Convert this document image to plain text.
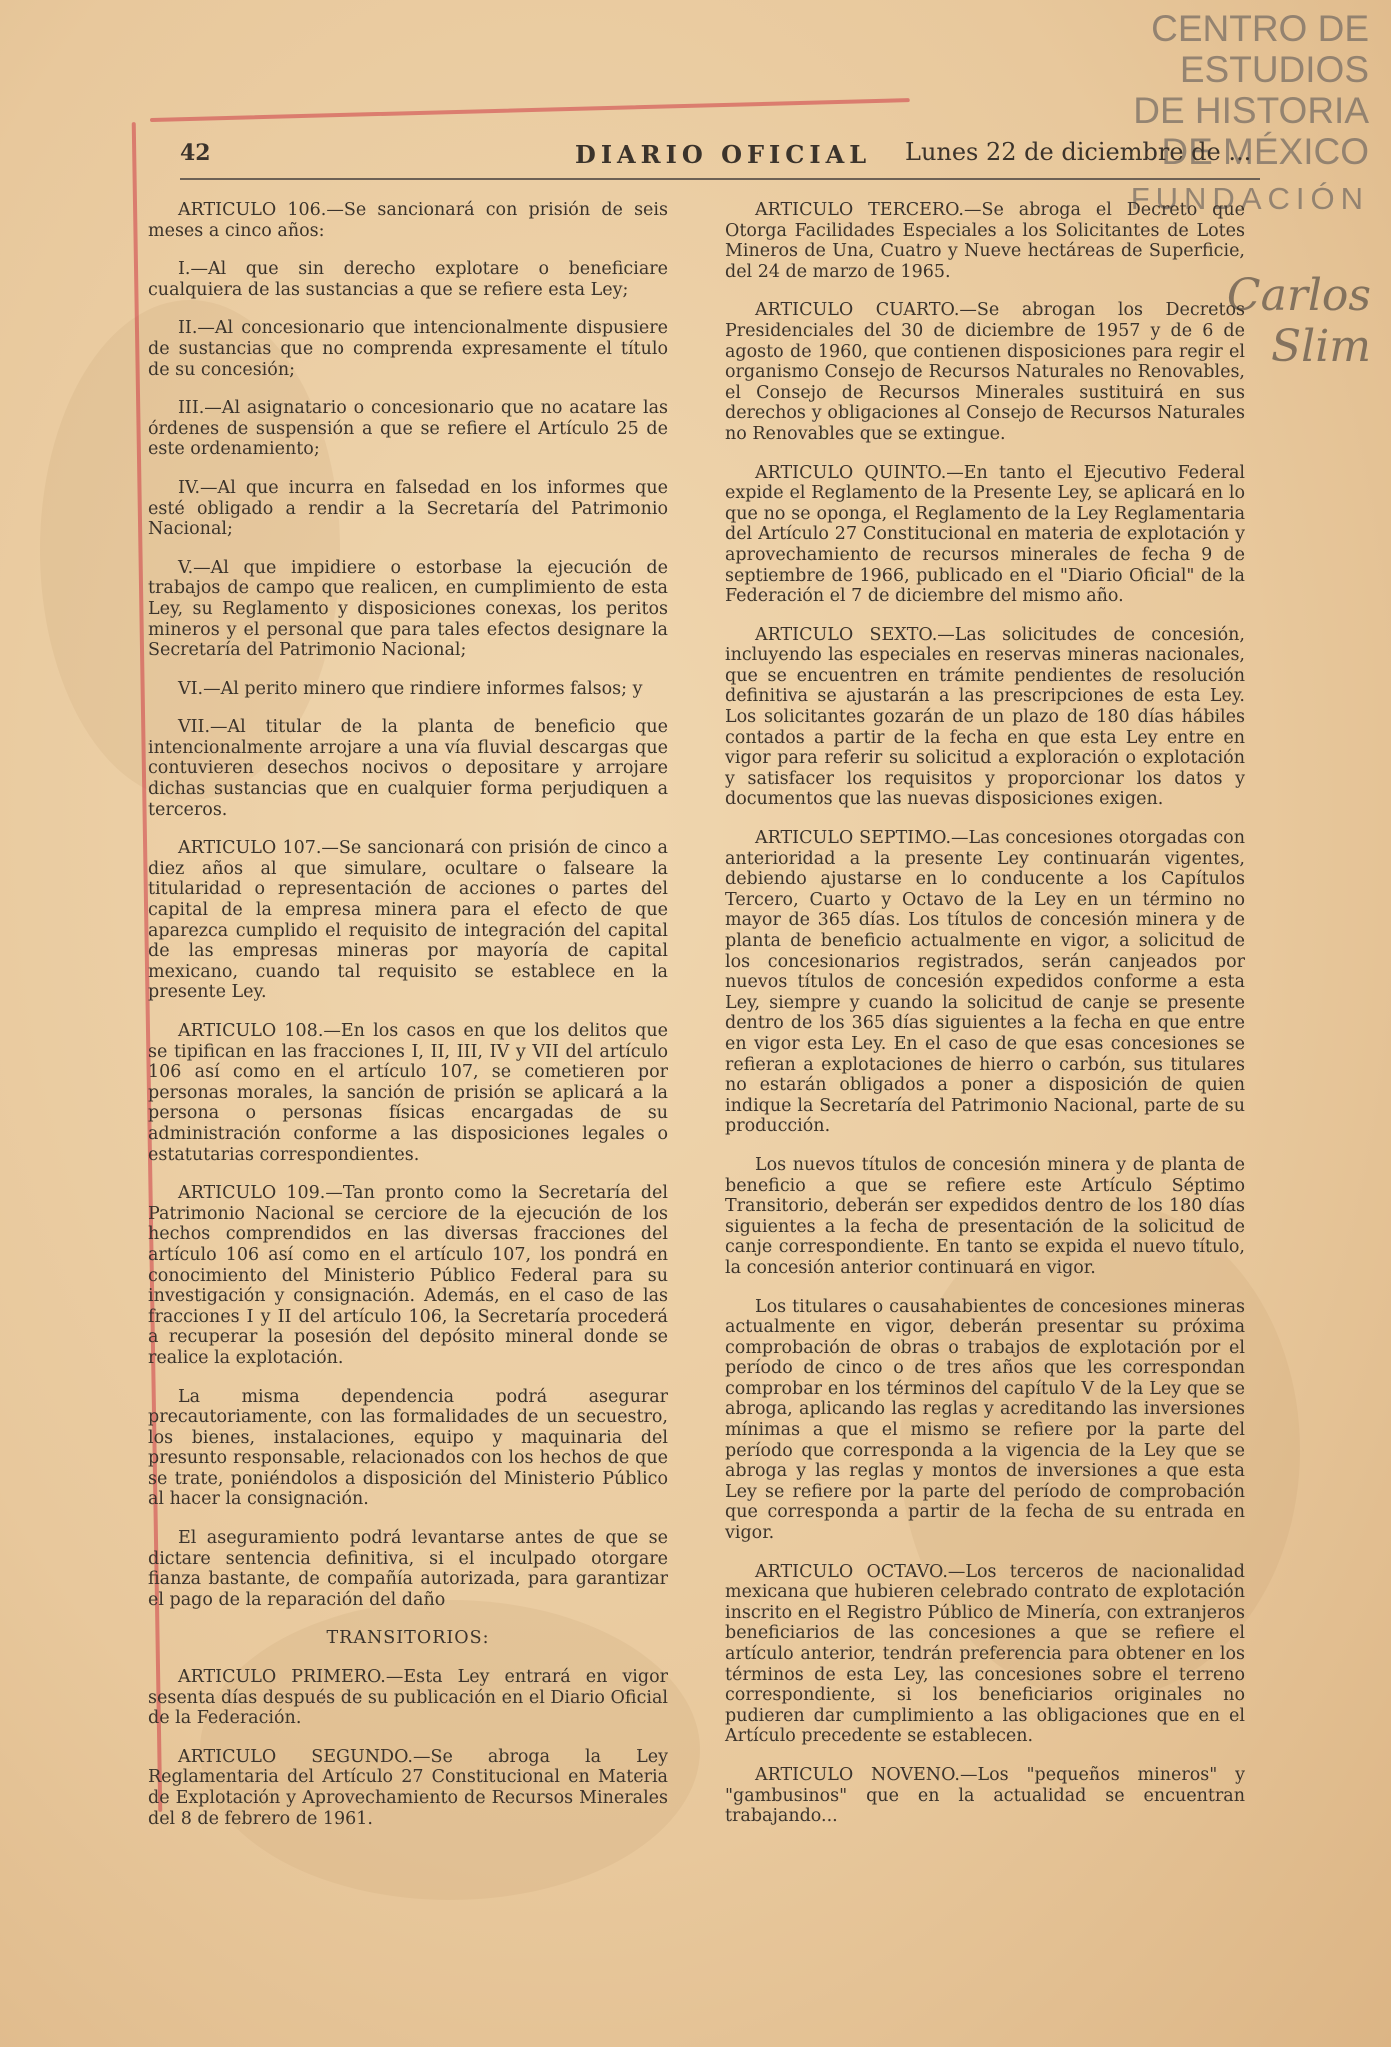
CENTRO DE
ESTUDIOS
DE HISTORIA
DE MÉXICO
FUNDACIÓN
Carlos Slim
42	DIARIO OFICIAL Lunes 22 de diciembre de ...

ARTICULO 106.—Se sancionará con prisión de seis meses a cinco años:

I.—Al que sin derecho explotare o beneficiare cualquiera de las sustancias a que se refiere esta Ley;

II.—Al concesionario que intencionalmente dispusiere de sustancias que no comprenda expresamente el título de su concesión;

III.—Al asignatario o concesionario que no acatare las órdenes de suspensión a que se refiere el Artículo 25 de este ordenamiento;

IV.—Al que incurra en falsedad en los informes que esté obligado a rendir a la Secretaría del Patrimonio Nacional;

V.—Al que impidiere o estorbase la ejecución de trabajos de campo que realicen, en cumplimiento de esta Ley, su Reglamento y disposiciones conexas, los peritos mineros y el personal que para tales efectos designare la Secretaría del Patrimonio Nacional;

VI.—Al perito minero que rindiere informes falsos; y

VII.—Al titular de la planta de beneficio que intencionalmente arrojare a una vía fluvial descargas que contuvieren desechos nocivos o depositare y arrojare dichas sustancias que en cualquier forma perjudiquen a terceros.

ARTICULO 107.—Se sancionará con prisión de cinco a diez años al que simulare, ocultare o falseare la titularidad o representación de acciones o partes del capital de la empresa minera para el efecto de que aparezca cumplido el requisito de integración del capital de las empresas mineras por mayoría de capital mexicano, cuando tal requisito se establece en la presente Ley.

ARTICULO 108.—En los casos en que los delitos que se tipifican en las fracciones I, II, III, IV y VII del artículo 106 así como en el artículo 107, se cometieren por personas morales, la sanción de prisión se aplicará a la persona o personas físicas encargadas de su administración conforme a las disposiciones legales o estatutarias correspondientes.

ARTICULO 109.—Tan pronto como la Secretaría del Patrimonio Nacional se cerciore de la ejecución de los hechos comprendidos en las diversas fracciones del artículo 106 así como en el artículo 107, los pondrá en conocimiento del Ministerio Público Federal para su investigación y consignación. Además, en el caso de las fracciones I y II del artículo 106, la Secretaría procederá a recuperar la posesión del depósito mineral donde se realice la explotación.

La misma dependencia podrá asegurar precautoriamente, con las formalidades de un secuestro, los bienes, instalaciones, equipo y maquinaria del presunto responsable, relacionados con los hechos de que se trate, poniéndolos a disposición del Ministerio Público al hacer la consignación.

El aseguramiento podrá levantarse antes de que se dictare sentencia definitiva, si el inculpado otorgare fianza bastante, de compañía autorizada, para garantizar el pago de la reparación del daño

TRANSITORIOS:

ARTICULO PRIMERO.—Esta Ley entrará en vigor sesenta días después de su publicación en el Diario Oficial de la Federación.

ARTICULO SEGUNDO.—Se abroga la Ley Reglamentaria del Artículo 27 Constitucional en Materia de Explotación y Aprovechamiento de Recursos Minerales del 8 de febrero de 1961.

ARTICULO TERCERO.—Se abroga el Decreto que Otorga Facilidades Especiales a los Solicitantes de Lotes Mineros de Una, Cuatro y Nueve hectáreas de Superficie, del 24 de marzo de 1965.

ARTICULO CUARTO.—Se abrogan los Decretos Presidenciales del 30 de diciembre de 1957 y de 6 de agosto de 1960, que contienen disposiciones para regir el organismo Consejo de Recursos Naturales no Renovables, el Consejo de Recursos Minerales sustituirá en sus derechos y obligaciones al Consejo de Recursos Naturales no Renovables que se extingue.

ARTICULO QUINTO.—En tanto el Ejecutivo Federal expide el Reglamento de la Presente Ley, se aplicará en lo que no se oponga, el Reglamento de la Ley Reglamentaria del Artículo 27 Constitucional en materia de explotación y aprovechamiento de recursos minerales de fecha 9 de septiembre de 1966, publicado en el "Diario Oficial" de la Federación el 7 de diciembre del mismo año.

ARTICULO SEXTO.—Las solicitudes de concesión, incluyendo las especiales en reservas mineras nacionales, que se encuentren en trámite pendientes de resolución definitiva se ajustarán a las prescripciones de esta Ley. Los solicitantes gozarán de un plazo de 180 días hábiles contados a partir de la fecha en que esta Ley entre en vigor para referir su solicitud a exploración o explotación y satisfacer los requisitos y proporcionar los datos y documentos que las nuevas disposiciones exigen.

ARTICULO SEPTIMO.—Las concesiones otorgadas con anterioridad a la presente Ley continuarán vigentes, debiendo ajustarse en lo conducente a los Capítulos Tercero, Cuarto y Octavo de la Ley en un término no mayor de 365 días. Los títulos de concesión minera y de planta de beneficio actualmente en vigor, a solicitud de los concesionarios registrados, serán canjeados por nuevos títulos de concesión expedidos conforme a esta Ley, siempre y cuando la solicitud de canje se presente dentro de los 365 días siguientes a la fecha en que entre en vigor esta Ley. En el caso de que esas concesiones se refieran a explotaciones de hierro o carbón, sus titulares no estarán obligados a poner a disposición de quien indique la Secretaría del Patrimonio Nacional, parte de su producción.

Los nuevos títulos de concesión minera y de planta de beneficio a que se refiere este Artículo Séptimo Transitorio, deberán ser expedidos dentro de los 180 días siguientes a la fecha de presentación de la solicitud de canje correspondiente. En tanto se expida el nuevo título, la concesión anterior continuará en vigor.

Los titulares o causahabientes de concesiones mineras actualmente en vigor, deberán presentar su próxima comprobación de obras o trabajos de explotación por el período de cinco o de tres años que les correspondan comprobar en los términos del capítulo V de la Ley que se abroga, aplicando las reglas y acreditando las inversiones mínimas a que el mismo se refiere por la parte del período que corresponda a la vigencia de la Ley que se abroga y las reglas y montos de inversiones a que esta Ley se refiere por la parte del período de comprobación que corresponda a partir de la fecha de su entrada en vigor.

ARTICULO OCTAVO.—Los terceros de nacionalidad mexicana que hubieren celebrado contrato de explotación inscrito en el Registro Público de Minería, con extranjeros beneficiarios de las concesiones a que se refiere el artículo anterior, tendrán preferencia para obtener en los términos de esta Ley, las concesiones sobre el terreno correspondiente, si los beneficiarios originales no pudieren dar cumplimiento a las obligaciones que en el Artículo precedente se establecen.

ARTICULO NOVENO.—Los "pequeños mineros" y "gambusinos" que en la actualidad se encuentran trabajando...
